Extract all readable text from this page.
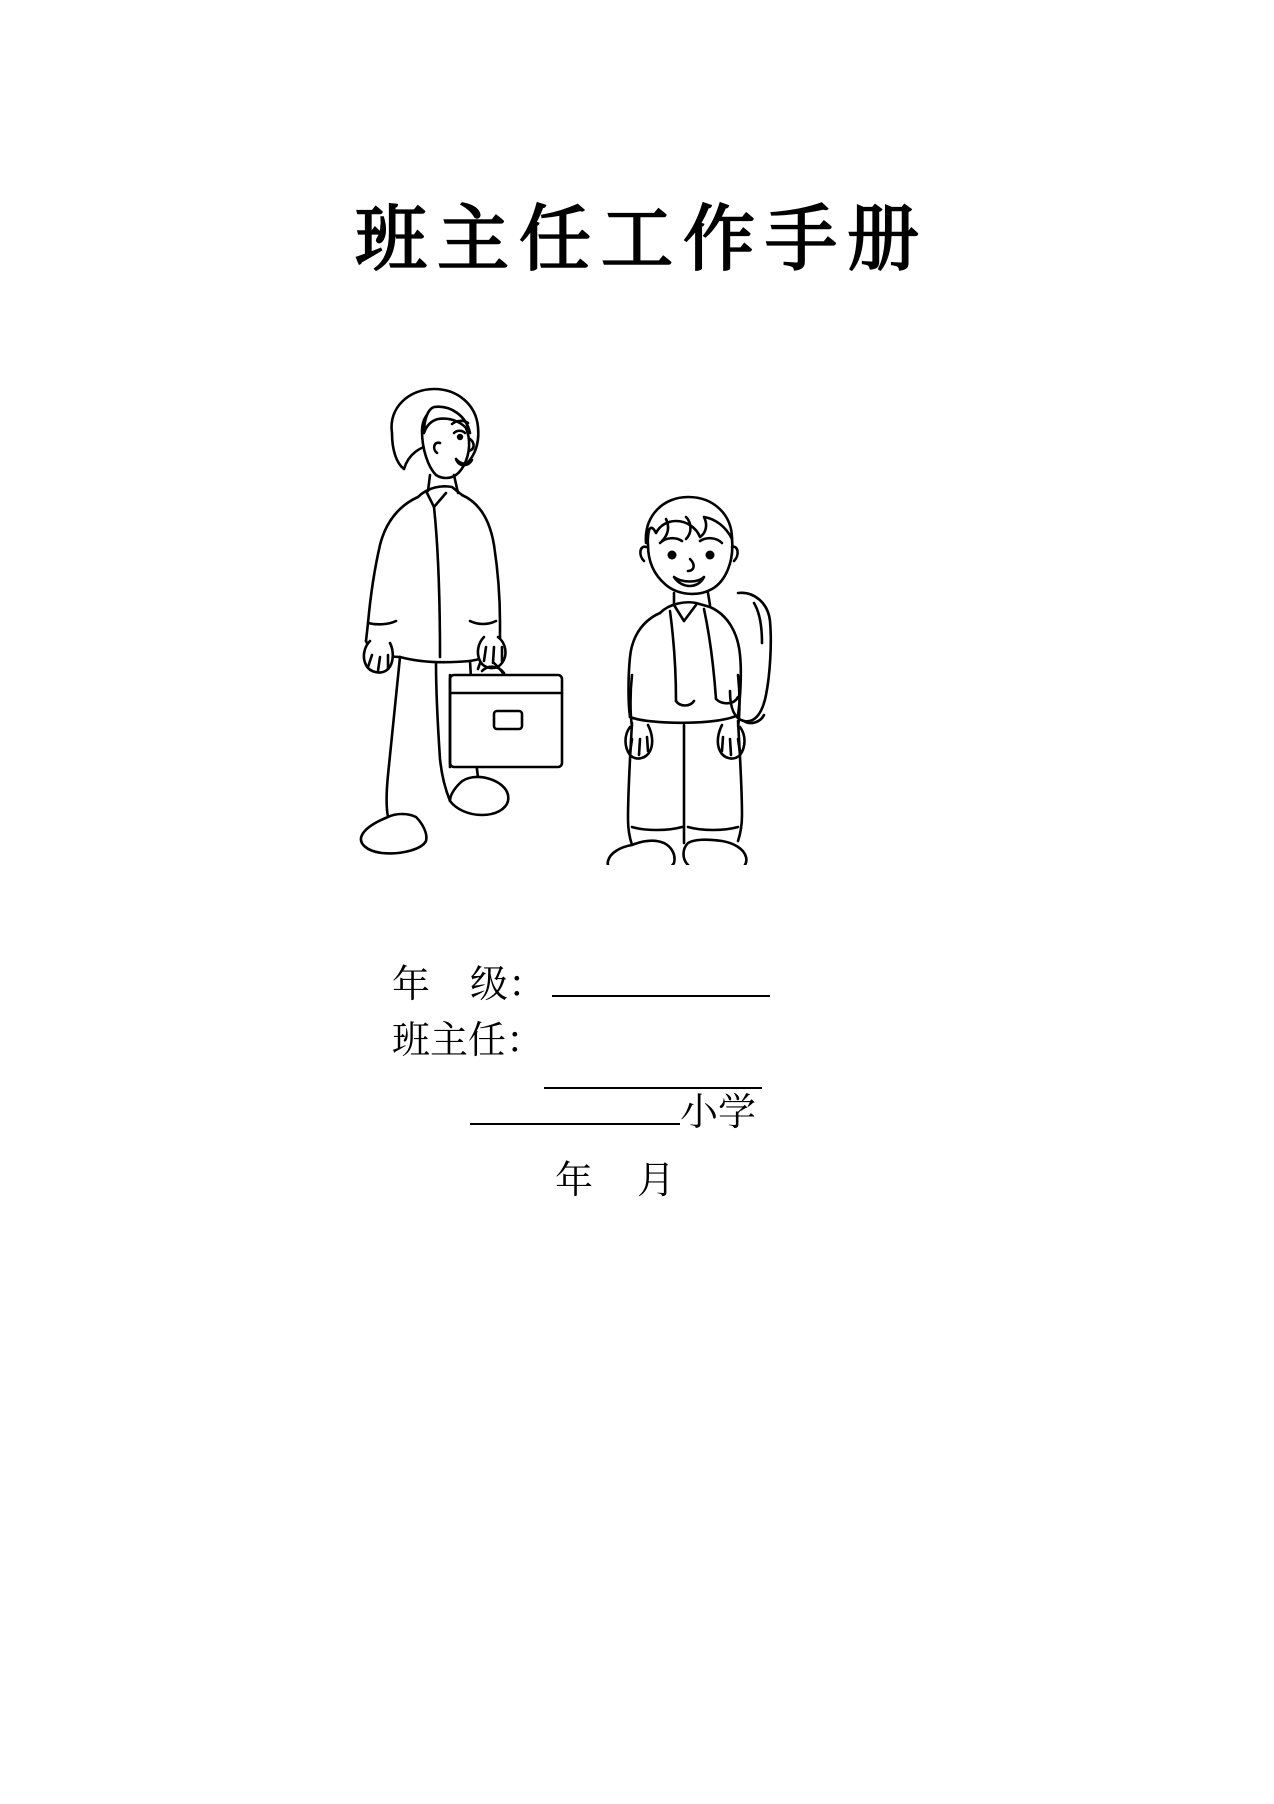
班主任工作手册
年 级：
班主任：
小学
年 月
